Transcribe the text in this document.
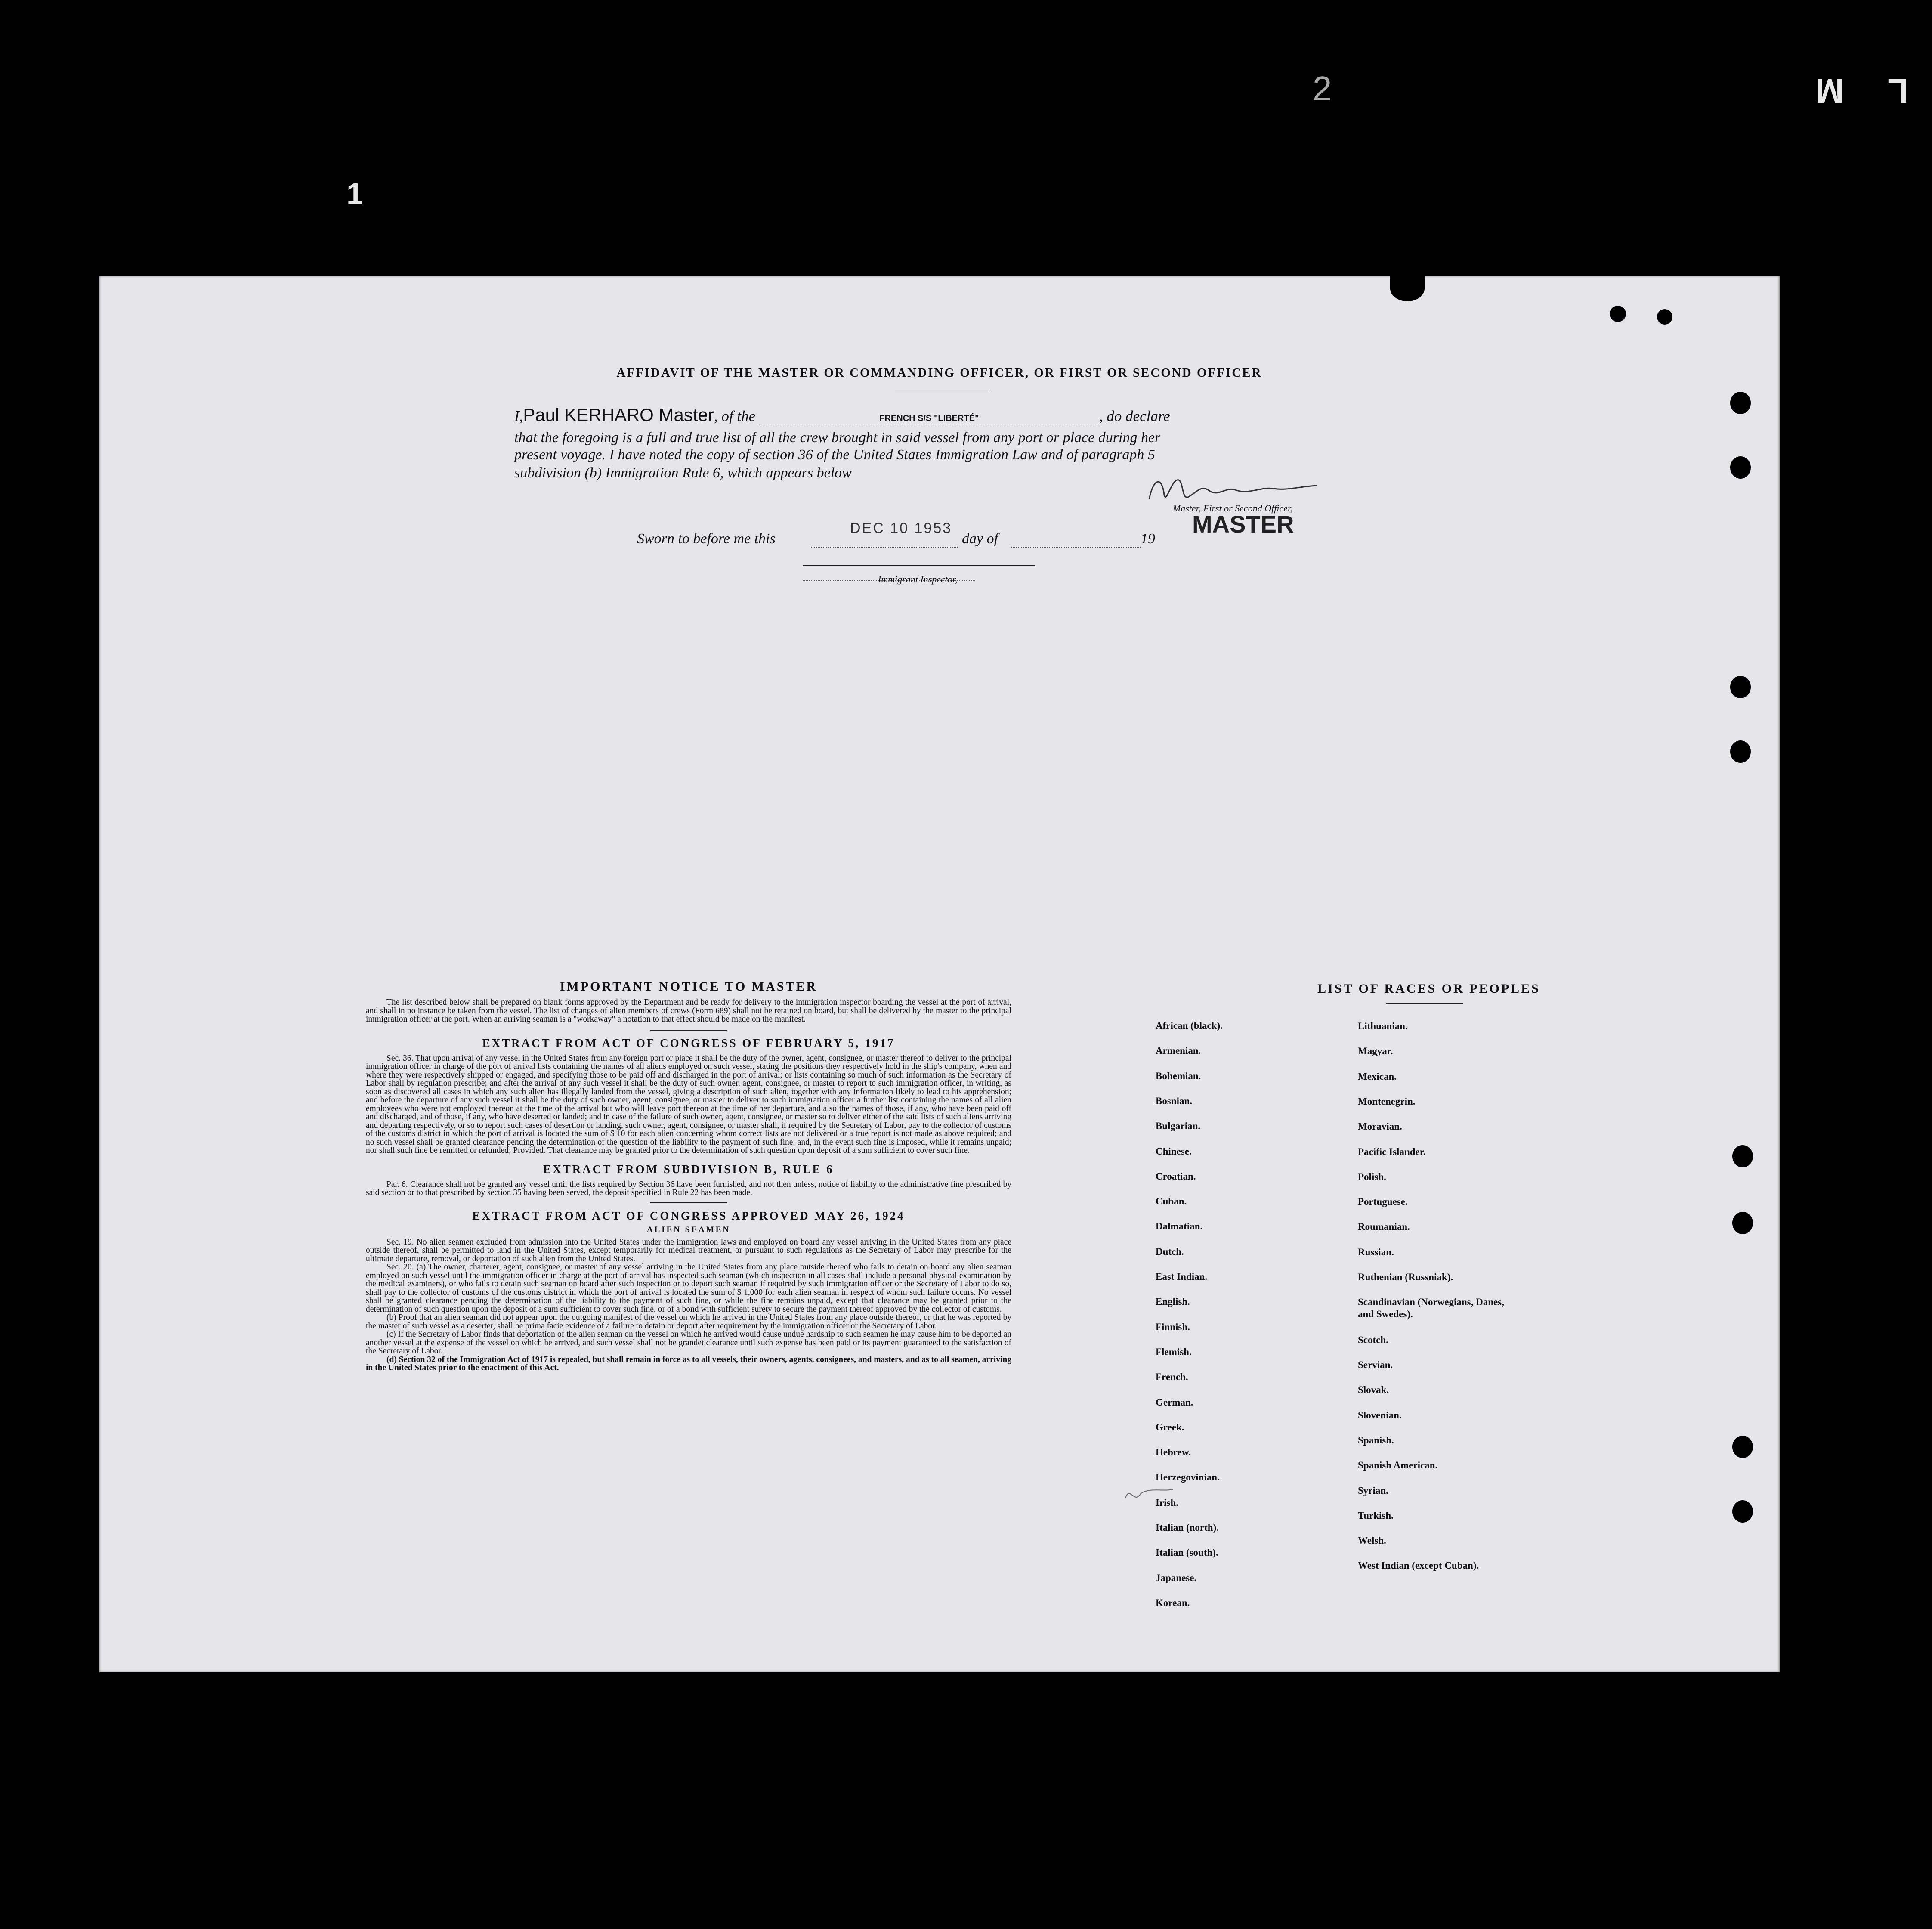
1
L M
2
AFFIDAVIT OF THE MASTER OR COMMANDING OFFICER, OR FIRST OR SECOND OFFICER
I,Paul KERHARO Master, of the	FRENCH S/S "LIBERTÉ"	, do declare
that the foregoing is a full and true list of all the crew brought in said vessel from any port or place during her
present voyage. I have noted the copy of section 36 of the United States Immigration Law and of paragraph 5
subdivision (b) Immigration Rule 6, which appears below
Master, First or Second Officer,
MASTER
DEC 10 1953
Sworn to before me this	day of	19
Immigrant Inspector,
IMPORTANT NOTICE TO MASTER
The list described below shall be prepared on blank forms approved by the Department and be ready for delivery to the immigration inspector boarding the vessel at the port of arrival, and shall in no instance be taken from the vessel. The list of changes of alien members of crews (Form 689) shall not be retained on board, but shall be delivered by the master to the principal immigration officer at the port. When an arriving seaman is a "workaway" a notation to that effect should be made on the manifest.
EXTRACT FROM ACT OF CONGRESS OF FEBRUARY 5, 1917
Sec. 36. That upon arrival of any vessel in the United States from any foreign port or place it shall be the duty of the owner, agent, consignee, or master thereof to deliver to the principal immigration officer in charge of the port of arrival lists containing the names of all aliens employed on such vessel, stating the positions they respectively hold in the ship's company, when and where they were respectively shipped or engaged, and specifying those to be paid off and discharged in the port of arrival; or lists containing so much of such information as the Secretary of Labor shall by regulation prescribe; and after the arrival of any such vessel it shall be the duty of such owner, agent, consignee, or master to report to such immigration officer, in writing, as soon as discovered all cases in which any such alien has illegally landed from the vessel, giving a description of such alien, together with any information likely to lead to his apprehension; and before the departure of any such vessel it shall be the duty of such owner, agent, consignee, or master to deliver to such immigration officer a further list containing the names of all alien employees who were not employed thereon at the time of the arrival but who will leave port thereon at the time of her departure, and also the names of those, if any, who have been paid off and discharged, and of those, if any, who have deserted or landed; and in case of the failure of such owner, agent, consignee, or master so to deliver either of the said lists of such aliens arriving and departing respectively, or so to report such cases of desertion or landing, such owner, agent, consignee, or master shall, if required by the Secretary of Labor, pay to the collector of customs of the customs district in which the port of arrival is located the sum of $ 10 for each alien concerning whom correct lists are not delivered or a true report is not made as above required; and no such vessel shall be granted clearance pending the determination of the question of the liability to the payment of such fine, and, in the event such fine is imposed, while it remains unpaid; nor shall such fine be remitted or refunded; Provided. That clearance may be granted prior to the determination of such question upon deposit of a sum sufficient to cover such fine.
EXTRACT FROM SUBDIVISION B, RULE 6
Par. 6. Clearance shall not be granted any vessel until the lists required by Section 36 have been furnished, and not then unless, notice of liability to the administrative fine prescribed by said section or to that prescribed by section 35 having been served, the deposit specified in Rule 22 has been made.
EXTRACT FROM ACT OF CONGRESS APPROVED MAY 26, 1924
ALIEN SEAMEN
Sec. 19. No alien seamen excluded from admission into the United States under the immigration laws and employed on board any vessel arriving in the United States from any place outside thereof, shall be permitted to land in the United States, except temporarily for medical treatment, or pursuant to such regulations as the Secretary of Labor may prescribe for the ultimate departure, removal, or deportation of such alien from the United States.
Sec. 20. (a) The owner, charterer, agent, consignee, or master of any vessel arriving in the United States from any place outside thereof who fails to detain on board any alien seaman employed on such vessel until the immigration officer in charge at the port of arrival has inspected such seaman (which inspection in all cases shall include a personal physical examination by the medical examiners), or who fails to detain such seaman on board after such inspection or to deport such seaman if required by such immigration officer or the Secretary of Labor to do so, shall pay to the collector of customs of the customs district in which the port of arrival is located the sum of $ 1,000 for each alien seaman in respect of whom such failure occurs. No vessel shall be granted clearance pending the determination of the liability to the payment of such fine, or while the fine remains unpaid, except that clearance may be granted prior to the determination of such question upon the deposit of a sum sufficient to cover such fine, or of a bond with sufficient surety to secure the payment thereof approved by the collector of customs.
(b) Proof that an alien seaman did not appear upon the outgoing manifest of the vessel on which he arrived in the United States from any place outside thereof, or that he was reported by the master of such vessel as a deserter, shall be prima facie evidence of a failure to detain or deport after requirement by the immigration officer or the Secretary of Labor.
(c) If the Secretary of Labor finds that deportation of the alien seaman on the vessel on which he arrived would cause undue hardship to such seamen he may cause him to be deported an another vessel at the expense of the vessel on which he arrived, and such vessel shall not be grandet clearance until such expense has been paid or its payment guaranteed to the satisfaction of the Secretary of Labor.
(d) Section 32 of the Immigration Act of 1917 is repealed, but shall remain in force as to all vessels, their owners, agents, consignees, and masters, and as to all seamen, arriving in the United States prior to the enactment of this Act.
LIST OF RACES OR PEOPLES
African (black).
Armenian.
Bohemian.
Bosnian.
Bulgarian.
Chinese.
Croatian.
Cuban.
Dalmatian.
Dutch.
East Indian.
English.
Finnish.
Flemish.
French.
German.
Greek.
Hebrew.
Herzegovinian.
Irish.
Italian (north).
Italian (south).
Japanese.
Korean.
Lithuanian.
Magyar.
Mexican.
Montenegrin.
Moravian.
Pacific Islander.
Polish.
Portuguese.
Roumanian.
Russian.
Ruthenian (Russniak).
Scandinavian (Norwegians, Danes, and Swedes).
Scotch.
Servian.
Slovak.
Slovenian.
Spanish.
Spanish American.
Syrian.
Turkish.
Welsh.
West Indian (except Cuban).
